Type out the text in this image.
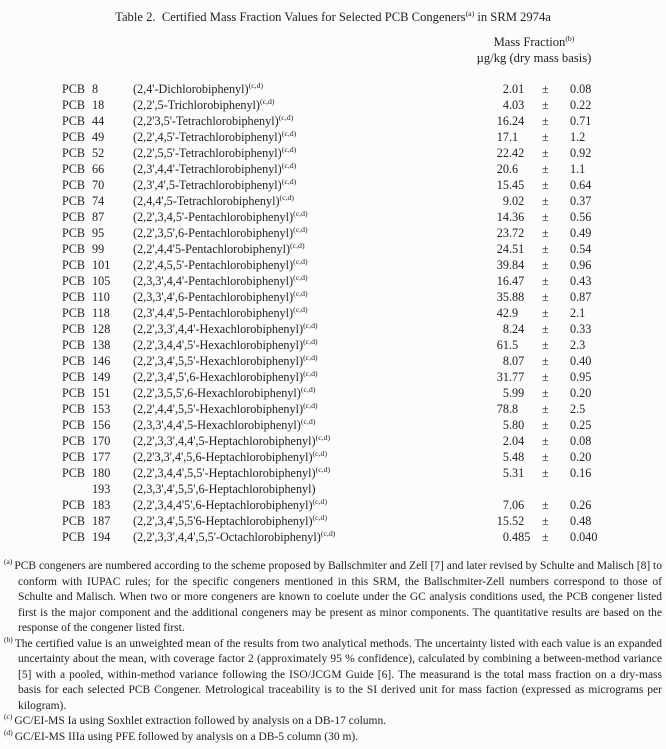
Table 2.  Certified Mass Fraction Values for Selected PCB Congeners$^{(a)}$ in SRM 2974a
Mass Fraction$^{(b)}$
µg/kg (dry mass basis)
PCB	8	(2,4'-Dichlorobiphenyl)$^{(c,d)}$	2.01	±	0.08
PCB	18	(2,2',5-Trichlorobiphenyl)$^{(c,d)}$	4.03	±	0.22
PCB	44	(2,2'3,5'-Tetrachlorobiphenyl)$^{(c,d)}$	16.24	±	0.71
PCB	49	(2,2',4,5'-Tetrachlorobiphenyl)$^{(c,d)}$	17.1	±	1.2
PCB	52	(2,2',5,5'-Tetrachlorobiphenyl)$^{(c,d)}$	22.42	±	0.92
PCB	66	(2,3',4,4'-Tetrachlorobiphenyl)$^{(c,d)}$	20.6	±	1.1
PCB	70	(2,3',4',5-Tetrachlorobiphenyl)$^{(c,d)}$	15.45	±	0.64
PCB	74	(2,4,4',5-Tetrachlorobiphenyl)$^{(c,d)}$	9.02	±	0.37
PCB	87	(2,2',3,4,5'-Pentachlorobiphenyl)$^{(c,d)}$	14.36	±	0.56
PCB	95	(2,2',3,5',6-Pentachlorobiphenyl)$^{(c,d)}$	23.72	±	0.49
PCB	99	(2,2',4,4'5-Pentachlorobiphenyl)$^{(c,d)}$	24.51	±	0.54
PCB	101	(2,2',4,5,5'-Pentachlorobiphenyl)$^{(c,d)}$	39.84	±	0.96
PCB	105	(2,3,3',4,4'-Pentachlorobiphenyl)$^{(c,d)}$	16.47	±	0.43
PCB	110	(2,3,3',4',6-Pentachlorobiphenyl)$^{(c,d)}$	35.88	±	0.87
PCB	118	(2,3',4,4',5-Pentachlorobiphenyl)$^{(c,d)}$	42.9	±	2.1
PCB	128	(2,2',3,3',4,4'-Hexachlorobiphenyl)$^{(c,d)}$	8.24	±	0.33
PCB	138	(2,2',3,4,4',5'-Hexachlorobiphenyl)$^{(c,d)}$	61.5	±	2.3
PCB	146	(2,2',3,4',5,5'-Hexachlorobiphenyl)$^{(c,d)}$	8.07	±	0.40
PCB	149	(2,2',3,4',5',6-Hexachlorobiphenyl)$^{(c,d)}$	31.77	±	0.95
PCB	151	(2,2',3,5,5',6-Hexachlorobiphenyl)$^{(c,d)}$	5.99	±	0.20
PCB	153	(2,2',4,4',5,5'-Hexachlorobiphenyl)$^{(c,d)}$	78.8	±	2.5
PCB	156	(2,3,3',4,4',5-Hexachlorobiphenyl)$^{(c,d)}$	5.80	±	0.25
PCB	170	(2,2',3,3',4,4',5-Heptachlorobiphenyl)$^{(c,d)}$	2.04	±	0.08
PCB	177	(2,2'3,3',4',5,6-Heptachlorobiphenyl)$^{(c,d)}$	5.48	±	0.20
PCB	180	(2,2',3,4,4',5,5'-Heptachlorobiphenyl)$^{(c,d)}$	5.31	±	0.16
	193	(2,3,3',4',5,5',6-Heptachlorobiphenyl)			
PCB	183	(2,2',3,4,4'5',6-Heptachlorobiphenyl)$^{(c,d)}$	7.06	±	0.26
PCB	187	(2,2',3,4',5,5'6-Heptachlorobiphenyl)$^{(c,d)}$	15.52	±	0.48
PCB	194	(2,2',3,3',4,4',5,5'-Octachlorobiphenyl)$^{(c,d)}$	0.485	±	0.040

$^{(a)}$ PCB congeners are numbered according to the scheme proposed by Ballschmiter and Zell [7] and later revised by Schulte and Malisch [8] to conform with IUPAC rules; for the specific congeners mentioned in this SRM, the Ballschmiter-Zell numbers correspond to those of Schulte and Malisch. When two or more congeners are known to coelute under the GC analysis conditions used, the PCB congener listed first is the major component and the additional congeners may be present as minor components. The quantitative results are based on the response of the congener listed first.

$^{(b)}$ The certified value is an unweighted mean of the results from two analytical methods. The uncertainty listed with each value is an expanded uncertainty about the mean, with coverage factor 2 (approximately 95 % confidence), calculated by combining a between-method variance [5] with a pooled, within-method variance following the ISO/JCGM Guide [6]. The measurand is the total mass fraction on a dry-mass basis for each selected PCB Congener. Metrological traceability is to the SI derived unit for mass faction (expressed as micrograms per kilogram).

$^{(c)}$ GC/EI-MS Ia using Soxhlet extraction followed by analysis on a DB-17 column.

$^{(d)}$ GC/EI-MS IIIa using PFE followed by analysis on a DB-5 column (30 m).
